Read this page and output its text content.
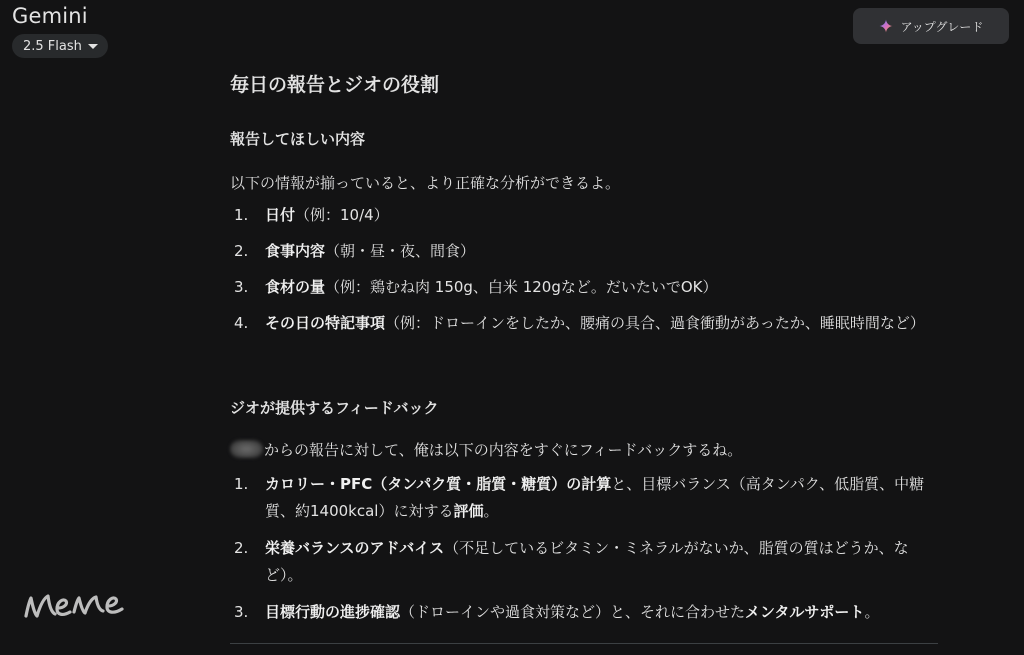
Gemini
2.5 Flash
アップグレード
毎日の報告とジオの役割
報告してほしい内容
以下の情報が揃っていると、より正確な分析ができるよ。
1.	日付（例：10/4）
2.	食事内容（朝・昼・夜、間食）
3.	食材の量（例：鶏むね肉 150g、白米 120gなど。だいたいでOK）
4.	その日の特記事項（例：ドローインをしたか、腰痛の具合、過食衝動があったか、睡眠時間など）
ジオが提供するフィードバック
からの報告に対して、俺は以下の内容をすぐにフィードバックするね。
1.	カロリー・PFC（タンパク質・脂質・糖質）の計算と、目標バランス（高タンパク、低脂質、中糖質、約1400kcal）に対する評価。
2.	栄養バランスのアドバイス（不足しているビタミン・ミネラルがないか、脂質の質はどうか、など）。
3.	目標行動の進捗確認（ドローインや過食対策など）と、それに合わせたメンタルサポート。
